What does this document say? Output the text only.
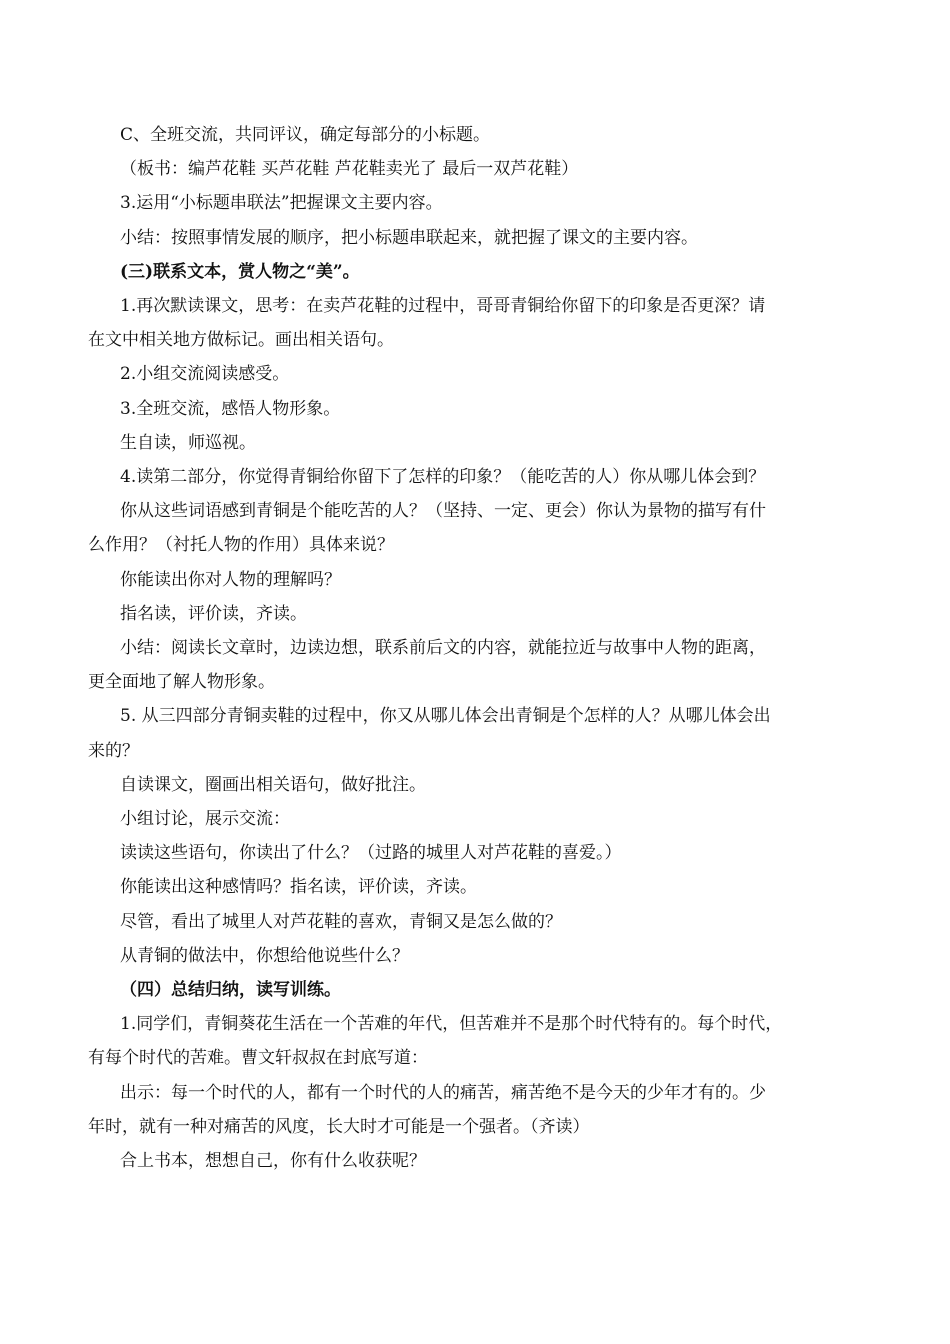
C、全班交流，共同评议，确定每部分的小标题。

（板书：编芦花鞋 买芦花鞋 芦花鞋卖光了 最后一双芦花鞋）

3.运用“小标题串联法”把握课文主要内容。

小结：按照事情发展的顺序，把小标题串联起来，就把握了课文的主要内容。

(三)联系文本，赏人物之“美”。

1.再次默读课文，思考：在卖芦花鞋的过程中，哥哥青铜给你留下的印象是否更深？请

在文中相关地方做标记。画出相关语句。

2.小组交流阅读感受。

3.全班交流，感悟人物形象。

生自读，师巡视。

4.读第二部分，你觉得青铜给你留下了怎样的印象？（能吃苦的人）你从哪儿体会到？

你从这些词语感到青铜是个能吃苦的人？（坚持、一定、更会）你认为景物的描写有什

么作用？（衬托人物的作用）具体来说？

你能读出你对人物的理解吗？

指名读，评价读，齐读。

小结：阅读长文章时，边读边想，联系前后文的内容，就能拉近与故事中人物的距离，

更全面地了解人物形象。

5. 从三四部分青铜卖鞋的过程中，你又从哪儿体会出青铜是个怎样的人？从哪儿体会出

来的？

自读课文，圈画出相关语句，做好批注。

小组讨论，展示交流：

读读这些语句，你读出了什么？（过路的城里人对芦花鞋的喜爱。）

你能读出这种感情吗？指名读，评价读，齐读。

尽管，看出了城里人对芦花鞋的喜欢，青铜又是怎么做的？

从青铜的做法中，你想给他说些什么？

（四）总结归纳，读写训练。

1.同学们，青铜葵花生活在一个苦难的年代，但苦难并不是那个时代特有的。每个时代，

有每个时代的苦难。曹文轩叔叔在封底写道：

出示：每一个时代的人，都有一个时代的人的痛苦，痛苦绝不是今天的少年才有的。少

年时，就有一种对痛苦的风度，长大时才可能是一个强者。（齐读）

合上书本，想想自己，你有什么收获呢？
